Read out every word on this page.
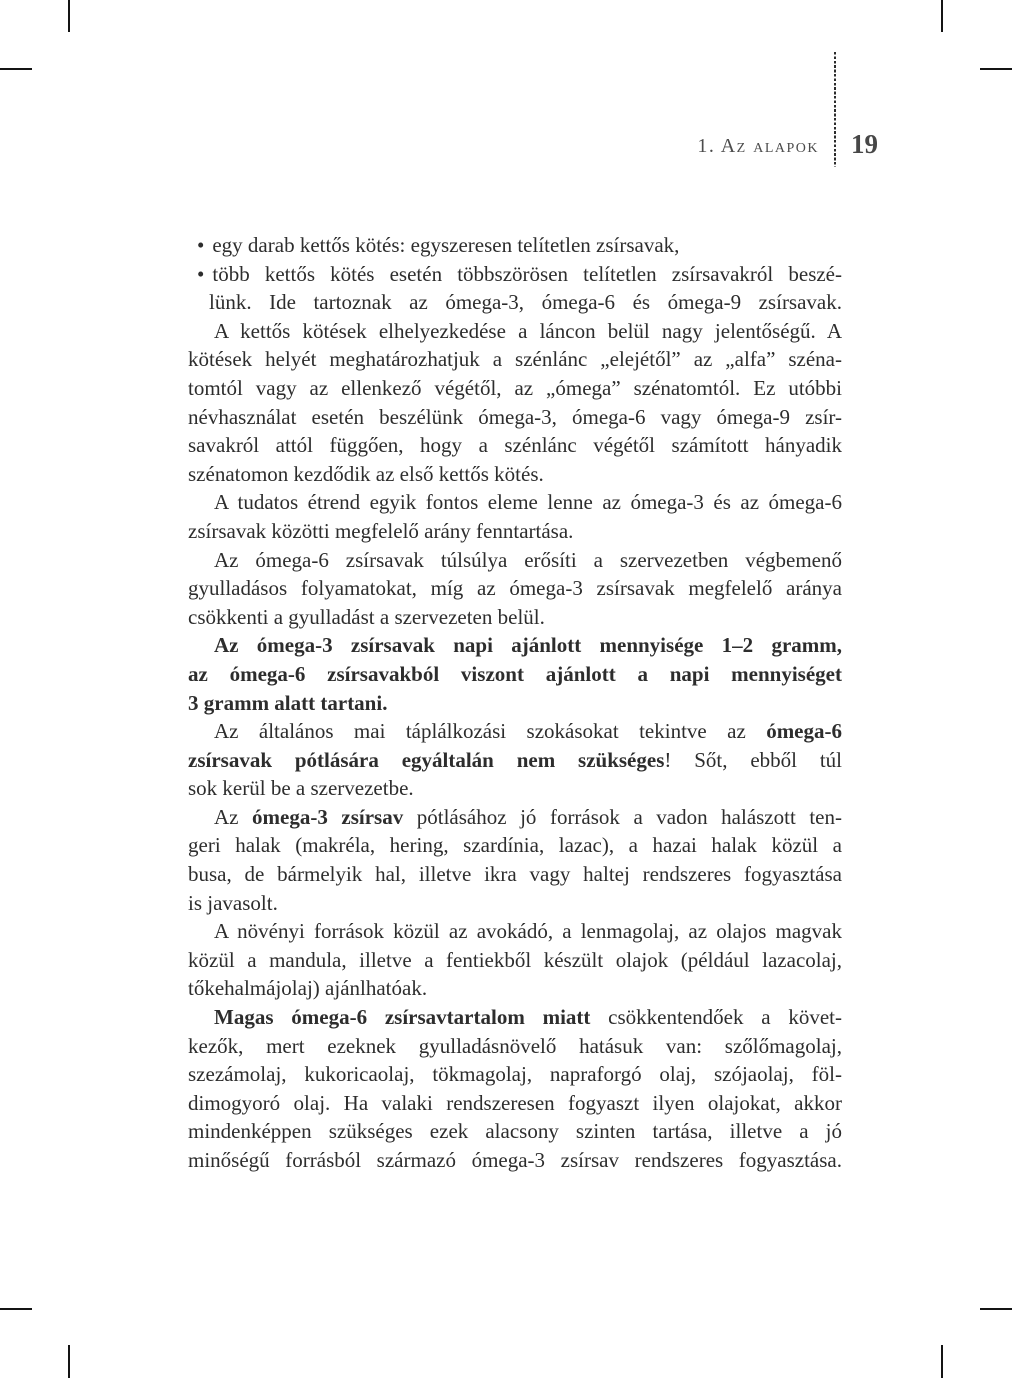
1. Az alapok 19
• egy darab kettős kötés: egyszeresen telítetlen zsírsavak,
• több kettős kötés esetén többszörösen telítetlen zsírsavakról beszé-
lünk. Ide tartoznak az ómega-3, ómega-6 és ómega-9 zsírsavak.
A kettős kötések elhelyezkedése a láncon belül nagy jelentőségű. A
kötések helyét meghatározhatjuk a szénlánc „elejétől” az „alfa” széna-
tomtól vagy az ellenkező végétől, az „ómega” szénatomtól. Ez utóbbi
névhasználat esetén beszélünk ómega-3, ómega-6 vagy ómega-9 zsír-
savakról attól függően, hogy a szénlánc végétől számított hányadik
szénatomon kezdődik az első kettős kötés.
A tudatos étrend egyik fontos eleme lenne az ómega-3 és az ómega-6
zsírsavak közötti megfelelő arány fenntartása.
Az ómega-6 zsírsavak túlsúlya erősíti a szervezetben végbemenő
gyulladásos folyamatokat, míg az ómega-3 zsírsavak megfelelő aránya
csökkenti a gyulladást a szervezeten belül.
Az ómega-3 zsírsavak napi ajánlott mennyisége 1–2 gramm,
az ómega-6 zsírsavakból viszont ajánlott a napi mennyiséget
3 gramm alatt tartani.
Az általános mai táplálkozási szokásokat tekintve az ómega-6
zsírsavak pótlására egyáltalán nem szükséges! Sőt, ebből túl
sok kerül be a szervezetbe.
Az ómega-3 zsírsav pótlásához jó források a vadon halászott ten-
geri halak (makréla, hering, szardínia, lazac), a hazai halak közül a
busa, de bármelyik hal, illetve ikra vagy haltej rendszeres fogyasztása
is javasolt.
A növényi források közül az avokádó, a lenmagolaj, az olajos magvak
közül a mandula, illetve a fentiekből készült olajok (például lazacolaj,
tőkehalmájolaj) ajánlhatóak.
Magas ómega-6 zsírsavtartalom miatt csökkentendőek a követ-
kezők, mert ezeknek gyulladásnövelő hatásuk van: szőlőmagolaj,
szezámolaj, kukoricaolaj, tökmagolaj, napraforgó olaj, szójaolaj, föl-
dimogyoró olaj. Ha valaki rendszeresen fogyaszt ilyen olajokat, akkor
mindenképpen szükséges ezek alacsony szinten tartása, illetve a jó
minőségű forrásból származó ómega-3 zsírsav rendszeres fogyasztása.
